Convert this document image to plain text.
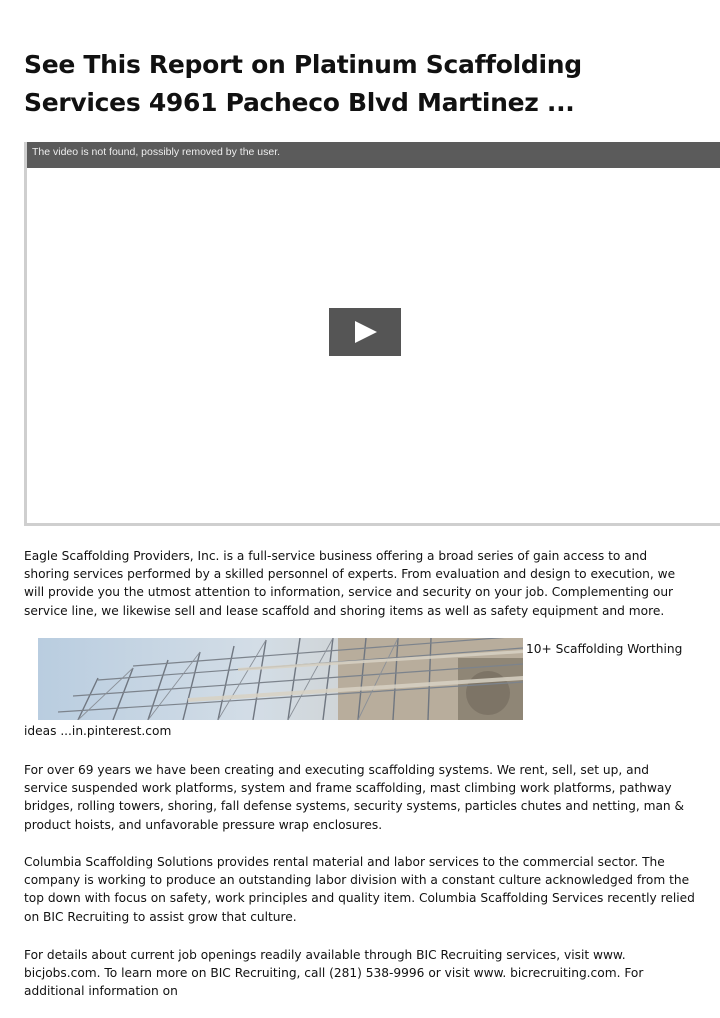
See This Report on Platinum Scaffolding Services 4961 Pacheco Blvd Martinez ...
The video is not found, possibly removed by the user.

Eagle Scaffolding Providers, Inc. is a full-service business offering a broad series of gain access to and shoring services performed by a skilled personnel of experts. From evaluation and design to execution, we will provide you the utmost attention to information, service and security on your job. Complementing our service line, we likewise sell and lease scaffold and shoring items as well as safety equipment and more.

10+ Scaffolding Worthing
ideas ...in.pinterest.com

For over 69 years we have been creating and executing scaffolding systems. We rent, sell, set up, and service suspended work platforms, system and frame scaffolding, mast climbing work platforms, pathway bridges, rolling towers, shoring, fall defense systems, security systems, particles chutes and netting, man & product hoists, and unfavorable pressure wrap enclosures.

Columbia Scaffolding Solutions provides rental material and labor services to the commercial sector. The company is working to produce an outstanding labor division with a constant culture acknowledged from the top down with focus on safety, work principles and quality item. Columbia Scaffolding Services recently relied on BIC Recruiting to assist grow that culture.

For details about current job openings readily available through BIC Recruiting services, visit www. bicjobs.com. To learn more on BIC Recruiting, call (281) 538-9996 or visit www. bicrecruiting.com. For additional information on
